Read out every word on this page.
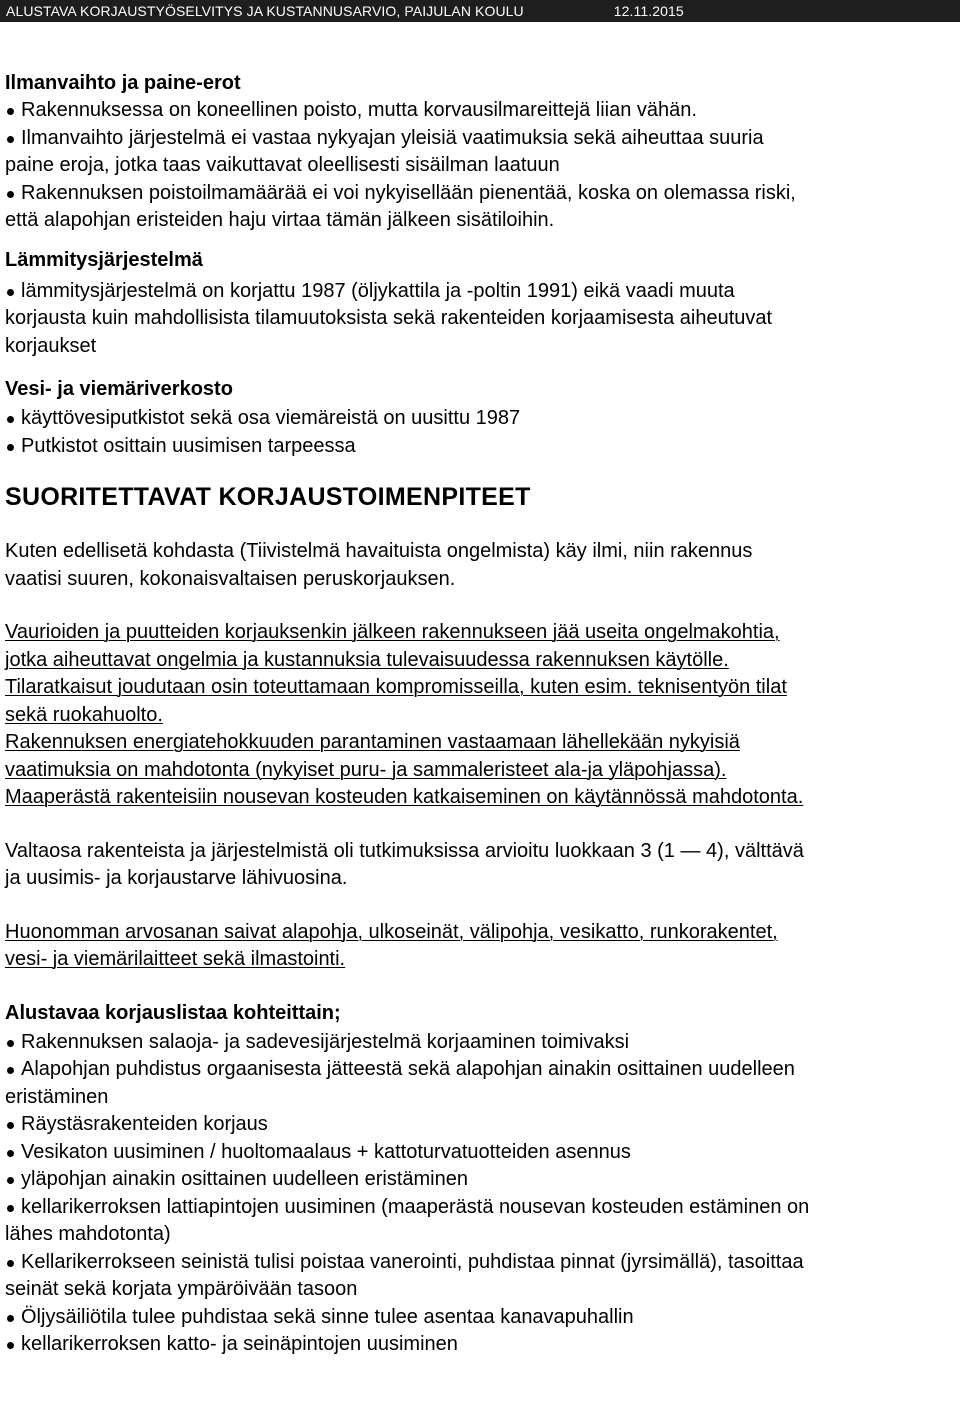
ALUSTAVA KORJAUSTYÖSELVITYS JA KUSTANNUSARVIO, PAIJULAN KOULU	12.11.2015
Ilmanvaihto ja paine-erot
Rakennuksessa on koneellinen poisto, mutta korvausilmareittejä liian vähän.
Ilmanvaihto järjestelmä ei vastaa nykyajan yleisiä vaatimuksia sekä aiheuttaa suuria

paine eroja, jotka taas vaikuttavat oleellisesti sisäilman laatuun

Rakennuksen poistoilmamäärää ei voi nykyisellään pienentää, koska on olemassa riski,

että alapohjan eristeiden haju virtaa tämän jälkeen sisätiloihin.

Lämmitysjärjestelmä
lämmitysjärjestelmä on korjattu 1987 (öljykattila ja -poltin 1991) eikä vaadi muuta

korjausta kuin mahdollisista tilamuutoksista sekä rakenteiden korjaamisesta aiheutuvat

korjaukset

Vesi- ja viemäriverkosto
käyttövesiputkistot sekä osa viemäreistä on uusittu 1987
Putkistot osittain uusimisen tarpeessa
SUORITETTAVAT KORJAUSTOIMENPITEET

Kuten edellisetä kohdasta (Tiivistelmä havaituista ongelmista) käy ilmi, niin rakennus

vaatisi suuren, kokonaisvaltaisen peruskorjauksen.

Vaurioiden ja puutteiden korjauksenkin jälkeen rakennukseen jää useita ongelmakohtia,

jotka aiheuttavat ongelmia ja kustannuksia tulevaisuudessa rakennuksen käytölle.

Tilaratkaisut joudutaan osin toteuttamaan kompromisseilla, kuten esim. teknisentyön tilat

sekä ruokahuolto.

Rakennuksen energiatehokkuuden parantaminen vastaamaan lähellekään nykyisiä

vaatimuksia on mahdotonta (nykyiset puru- ja sammaleristeet ala-ja yläpohjassa).

Maaperästä rakenteisiin nousevan kosteuden katkaiseminen on käytännössä mahdotonta.

Valtaosa rakenteista ja järjestelmistä oli tutkimuksissa arvioitu luokkaan 3 (1 — 4), välttävä

ja uusimis- ja korjaustarve lähivuosina.

Huonomman arvosanan saivat alapohja, ulkoseinät, välipohja, vesikatto, runkorakentet,

vesi- ja viemärilaitteet sekä ilmastointi.

Alustavaa korjauslistaa kohteittain;
Rakennuksen salaoja- ja sadevesijärjestelmä korjaaminen toimivaksi
Alapohjan puhdistus orgaanisesta jätteestä sekä alapohjan ainakin osittainen uudelleen
eristäminen
Räystäsrakenteiden korjaus
Vesikaton uusiminen / huoltomaalaus + kattoturvatuotteiden asennus
yläpohjan ainakin osittainen uudelleen eristäminen
kellarikerroksen lattiapintojen uusiminen (maaperästä nousevan kosteuden estäminen on
lähes mahdotonta)
Kellarikerrokseen seinistä tulisi poistaa vanerointi, puhdistaa pinnat (jyrsimällä), tasoittaa
seinät sekä korjata ympäröivään tasoon
Öljysäiliötila tulee puhdistaa sekä sinne tulee asentaa kanavapuhallin
kellarikerroksen katto- ja seinäpintojen uusiminen
